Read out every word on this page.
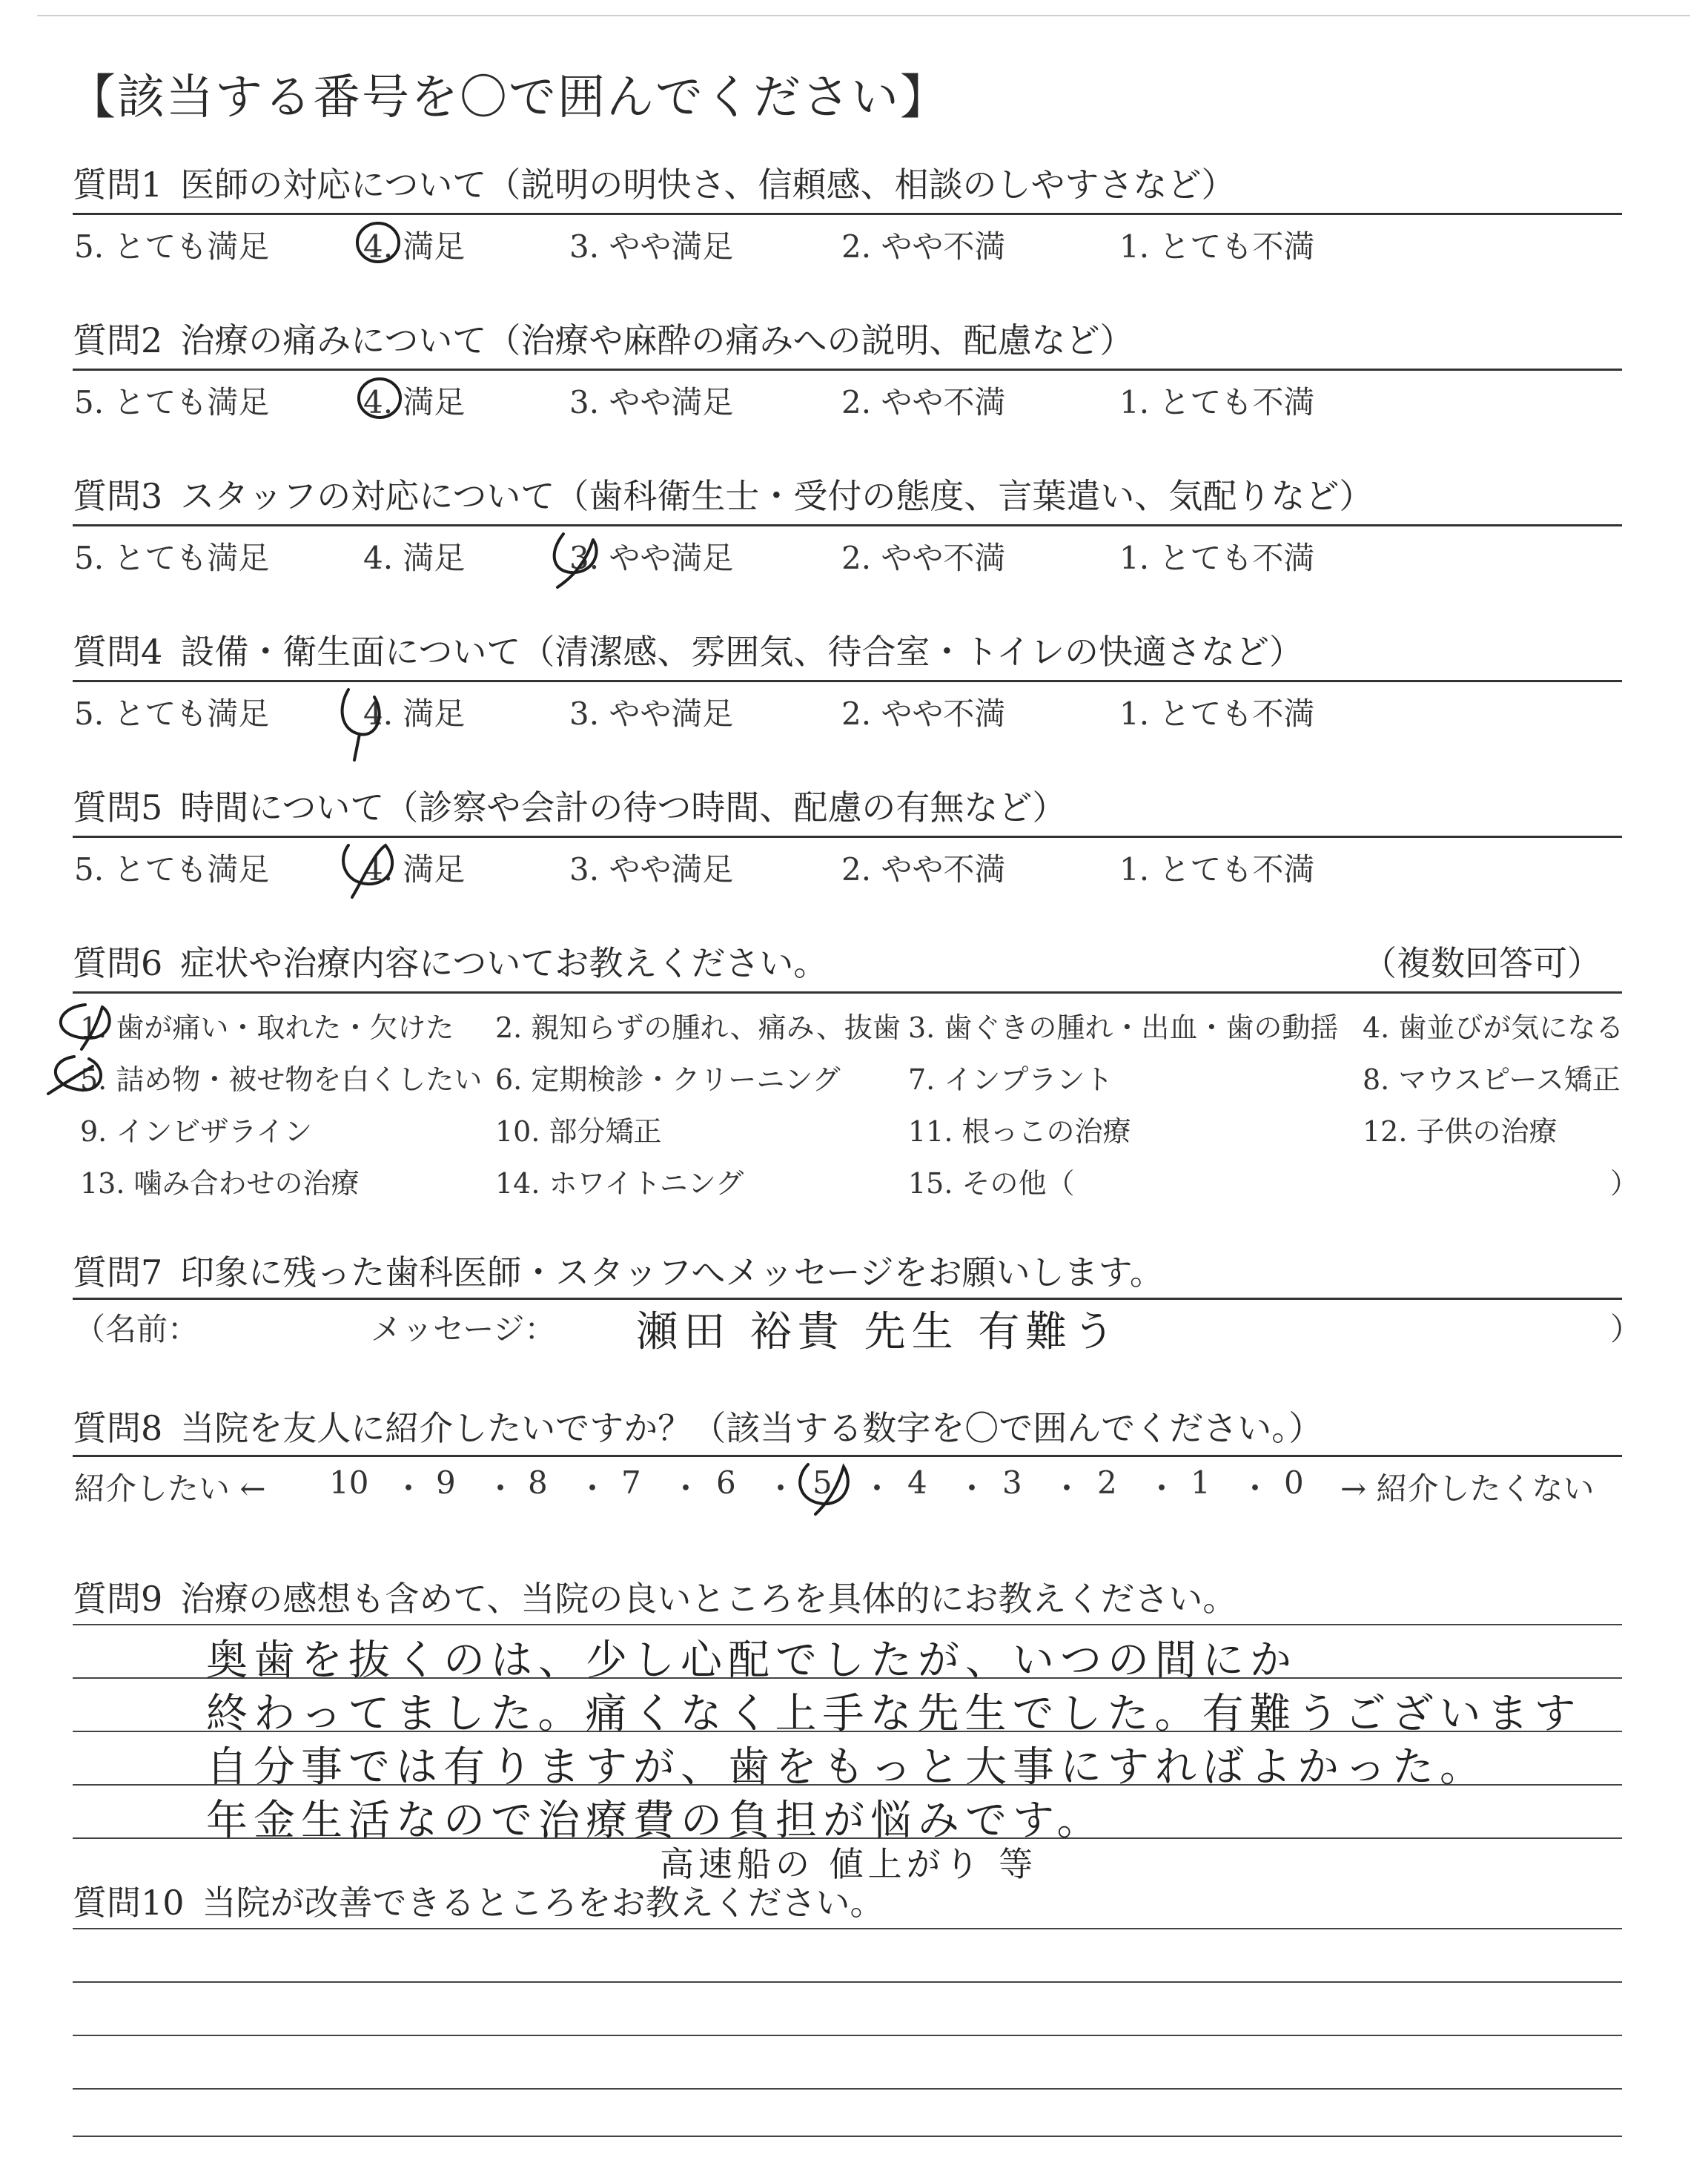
【該当する番号を〇で囲んでください】
質問1 医師の対応について（説明の明快さ、信頼感、相談のしやすさなど）
5. とても満足	4. 満足	3. やや満足	2. やや不満	1. とても不満
質問2 治療の痛みについて（治療や麻酔の痛みへの説明、配慮など）
5. とても満足	4. 満足	3. やや満足	2. やや不満	1. とても不満
質問3 スタッフの対応について（歯科衛生士・受付の態度、言葉遣い、気配りなど）
5. とても満足	4. 満足	3. やや満足	2. やや不満	1. とても不満
質問4 設備・衛生面について（清潔感、雰囲気、待合室・トイレの快適さなど）
5. とても満足	4. 満足	3. やや満足	2. やや不満	1. とても不満
質問5 時間について（診察や会計の待つ時間、配慮の有無など）
5. とても満足	4. 満足	3. やや満足	2. やや不満	1. とても不満
質問6 症状や治療内容についてお教えください。	（複数回答可）
1. 歯が痛い・取れた・欠けた 2. 親知らずの腫れ、痛み、抜歯 3. 歯ぐきの腫れ・出血・歯の動揺 4. 歯並びが気になる
5. 詰め物・被せ物を白くしたい 6. 定期検診・クリーニング 7. インプラント	8. マウスピース矯正
9. インビザライン	10. 部分矯正	11. 根っこの治療	12. 子供の治療
13. 噛み合わせの治療	14. ホワイトニング	15. その他（	）
質問7 印象に残った歯科医師・スタッフへメッセージをお願いします。
（名前：	メッセージ： 瀬田 裕貴 先生 有難う	）
質問8 当院を友人に紹介したいですか？（該当する数字を〇で囲んでください。）
紹介したい ← 10 ・ 9 ・ 8 ・ 7 ・ 6 ・ 5 ・ 4 ・ 3 ・ 2 ・ 1 ・ 0 → 紹介したくない
質問9 治療の感想も含めて、当院の良いところを具体的にお教えください。
奥歯を抜くのは、少し心配でしたが、いつの間にか
終わってました。痛くなく上手な先生でした。有難うございます
自分事では有りますが、歯をもっと大事にすればよかった。
年金生活なので治療費の負担が悩みです。
高速船の 値上がり 等
質問10 当院が改善できるところをお教えください。
